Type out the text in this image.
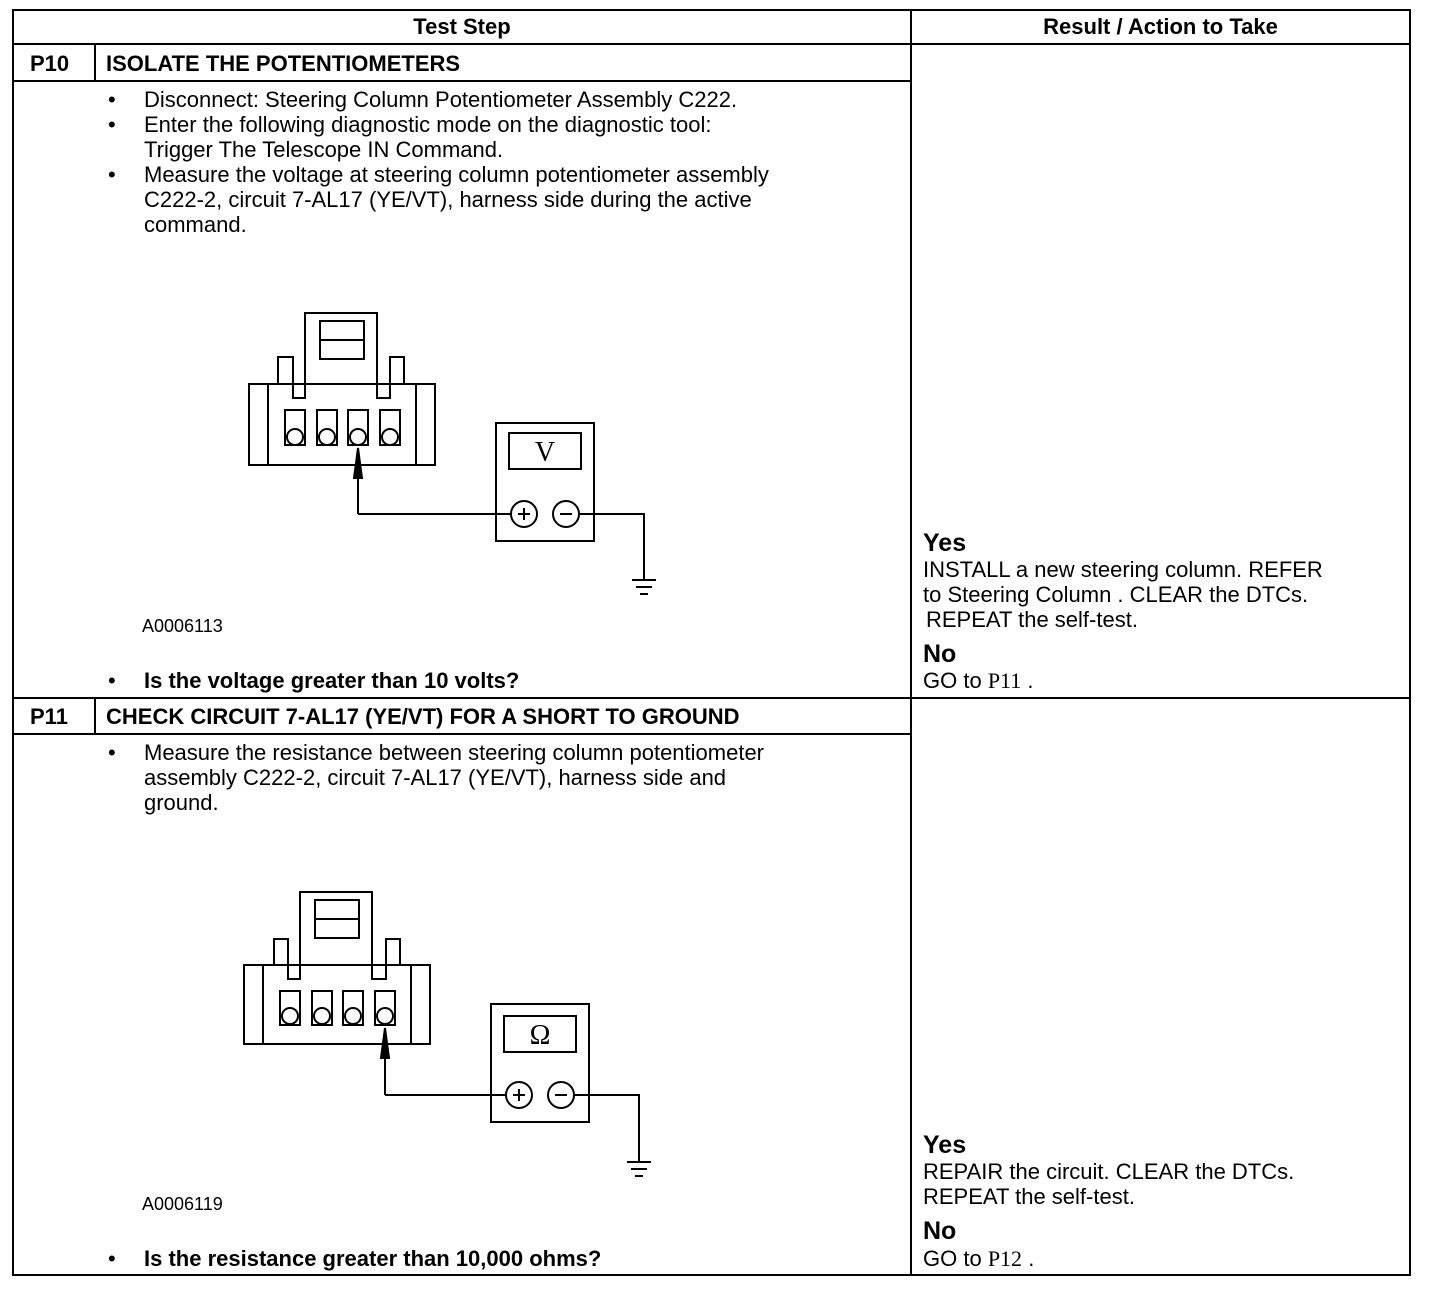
Test Step	Result / Action to Take
P10 ISOLATE THE POTENTIOMETERS
• Disconnect: Steering Column Potentiometer Assembly C222.
• Enter the following diagnostic mode on the diagnostic tool:
Trigger The Telescope IN Command.
• Measure the voltage at steering column potentiometer assembly
C222-2, circuit 7-AL17 (YE/VT), harness side during the active
command.
A0006113
• Is the voltage greater than 10 volts?
Yes
INSTALL a new steering column. REFER
to Steering Column . CLEAR the DTCs.
REPEAT the self-test.
No
GO to P11 .
P11 CHECK CIRCUIT 7-AL17 (YE/VT) FOR A SHORT TO GROUND
• Measure the resistance between steering column potentiometer
assembly C222-2, circuit 7-AL17 (YE/VT), harness side and
ground.
A0006119
• Is the resistance greater than 10,000 ohms?
Yes
REPAIR the circuit. CLEAR the DTCs.
REPEAT the self-test.
No
GO to P12 .
V
Ω
